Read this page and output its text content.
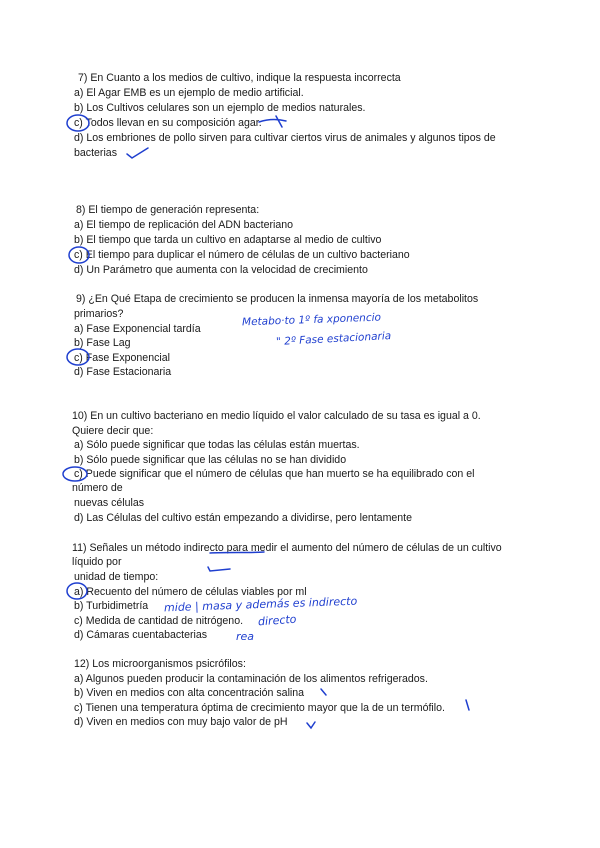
7) En Cuanto a los medios de cultivo, indique la respuesta incorrecta
a) El Agar EMB es un ejemplo de medio artificial.
b) Los Cultivos celulares son un ejemplo de medios naturales.
c) Todos llevan en su composición agar.
d) Los embriones de pollo sirven para cultivar ciertos virus de animales y algunos tipos de
bacterias
8) El tiempo de generación representa:
a) El tiempo de replicación del ADN bacteriano
b) El tiempo que tarda un cultivo en adaptarse al medio de cultivo
c) El tiempo para duplicar el número de células de un cultivo bacteriano
d) Un Parámetro que aumenta con la velocidad de crecimiento
9) ¿En Qué Etapa de crecimiento se producen la inmensa mayoría de los metabolitos
primarios?
a) Fase Exponencial tardía
b) Fase Lag
c) Fase Exponencial
d) Fase Estacionaria
Metabo·to 1º fa xponencio
" 2º Fase estacionaria
10) En un cultivo bacteriano en medio líquido el valor calculado de su tasa es igual a 0.
Quiere decir que:
a) Sólo puede significar que todas las células están muertas.
b) Sólo puede significar que las células no se han dividido
c) Puede significar que el número de células que han muerto se ha equilibrado con el
número de
nuevas células
d) Las Células del cultivo están empezando a dividirse, pero lentamente
11) Señales un método indirecto para medir el aumento del número de células de un cultivo
líquido por
unidad de tiempo:
a) Recuento del número de células viables por ml
b) Turbidimetría
c) Medida de cantidad de nitrógeno.
d) Cámaras cuentabacterias
mide | masa y además es indirecto
directo
rea
12) Los microorganismos psicrófilos:
a) Algunos pueden producir la contaminación de los alimentos refrigerados.
b) Viven en medios con alta concentración salina
c) Tienen una temperatura óptima de crecimiento mayor que la de un termófilo.
d) Viven en medios con muy bajo valor de pH
